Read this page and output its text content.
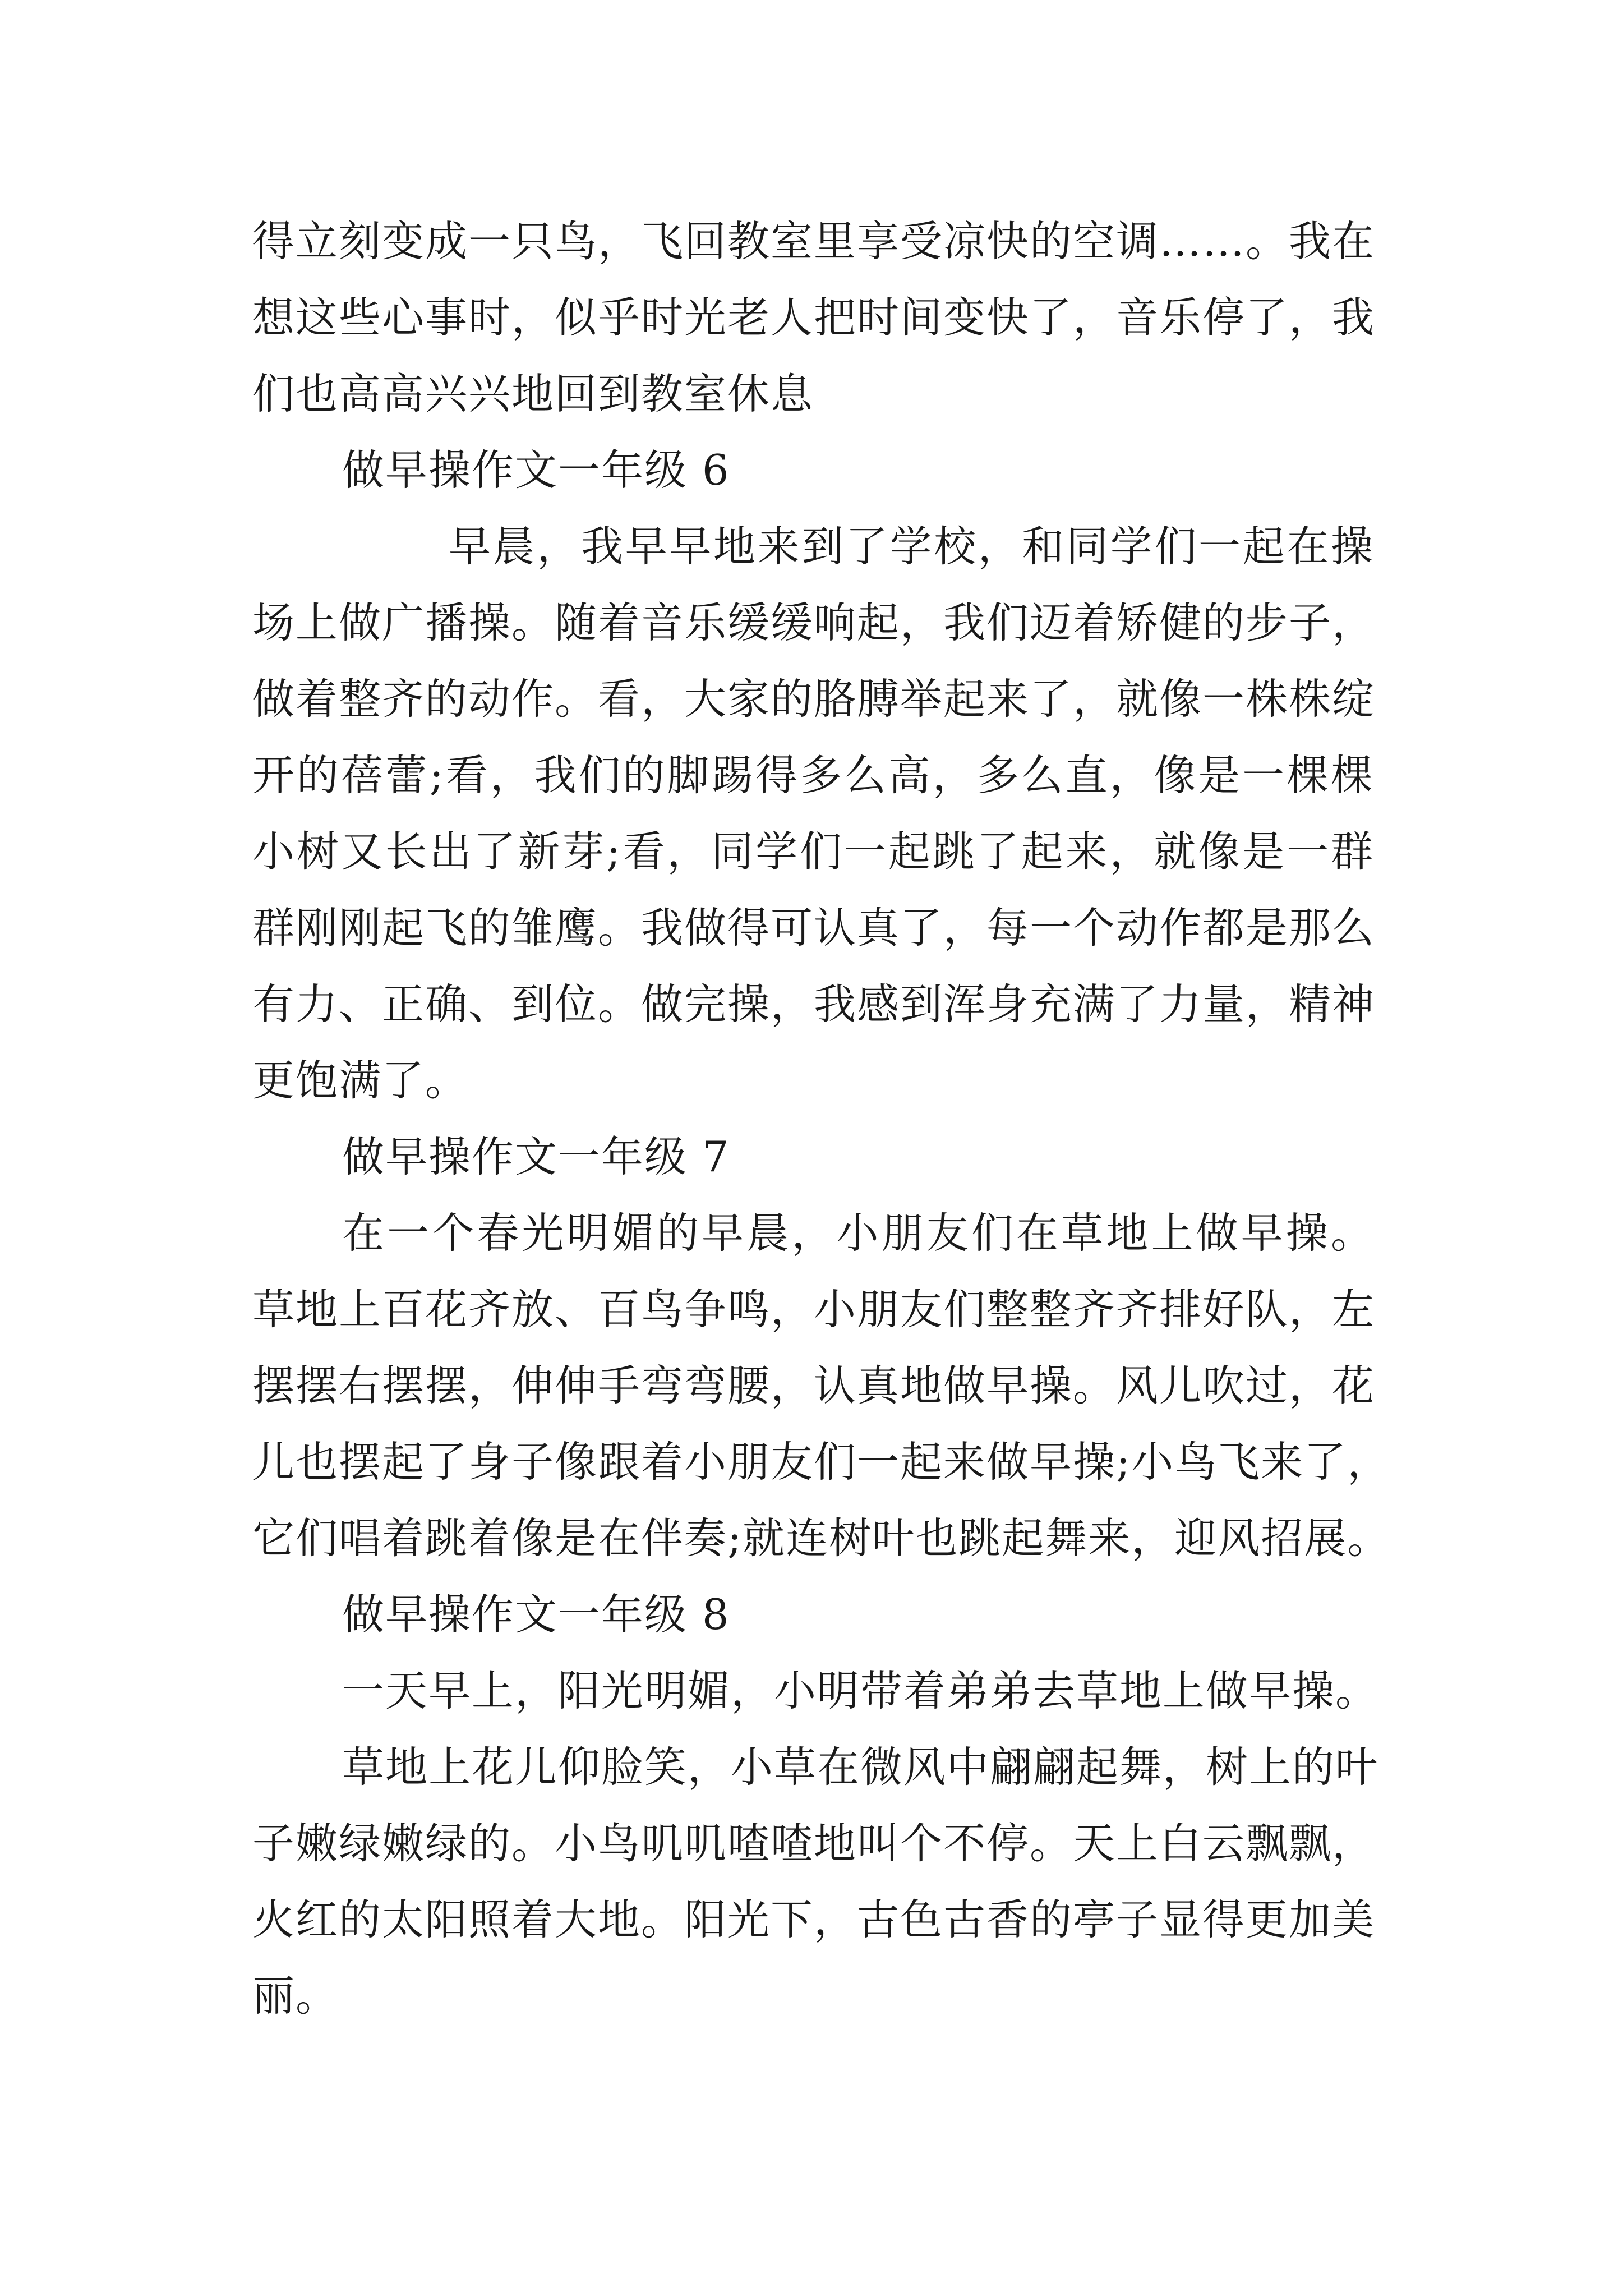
得立刻变成一只鸟，飞回教室里享受凉快的空调……。我在
想这些心事时，似乎时光老人把时间变快了，音乐停了，我
们也高高兴兴地回到教室休息
做早操作文一年级 6
早晨，我早早地来到了学校，和同学们一起在操
场上做广播操。随着音乐缓缓响起，我们迈着矫健的步子，
做着整齐的动作。看，大家的胳膊举起来了，就像一株株绽
开的蓓蕾;看，我们的脚踢得多么高，多么直，像是一棵棵
小树又长出了新芽;看，同学们一起跳了起来，就像是一群
群刚刚起飞的雏鹰。我做得可认真了，每一个动作都是那么
有力、正确、到位。做完操，我感到浑身充满了力量，精神
更饱满了。
做早操作文一年级 7
在一个春光明媚的早晨，小朋友们在草地上做早操。
草地上百花齐放、百鸟争鸣，小朋友们整整齐齐排好队，左
摆摆右摆摆，伸伸手弯弯腰，认真地做早操。风儿吹过，花
儿也摆起了身子像跟着小朋友们一起来做早操;小鸟飞来了，
它们唱着跳着像是在伴奏;就连树叶也跳起舞来，迎风招展。
做早操作文一年级 8
一天早上，阳光明媚，小明带着弟弟去草地上做早操。
草地上花儿仰脸笑，小草在微风中翩翩起舞，树上的叶
子嫩绿嫩绿的。小鸟叽叽喳喳地叫个不停。天上白云飘飘，
火红的太阳照着大地。阳光下，古色古香的亭子显得更加美
丽。
